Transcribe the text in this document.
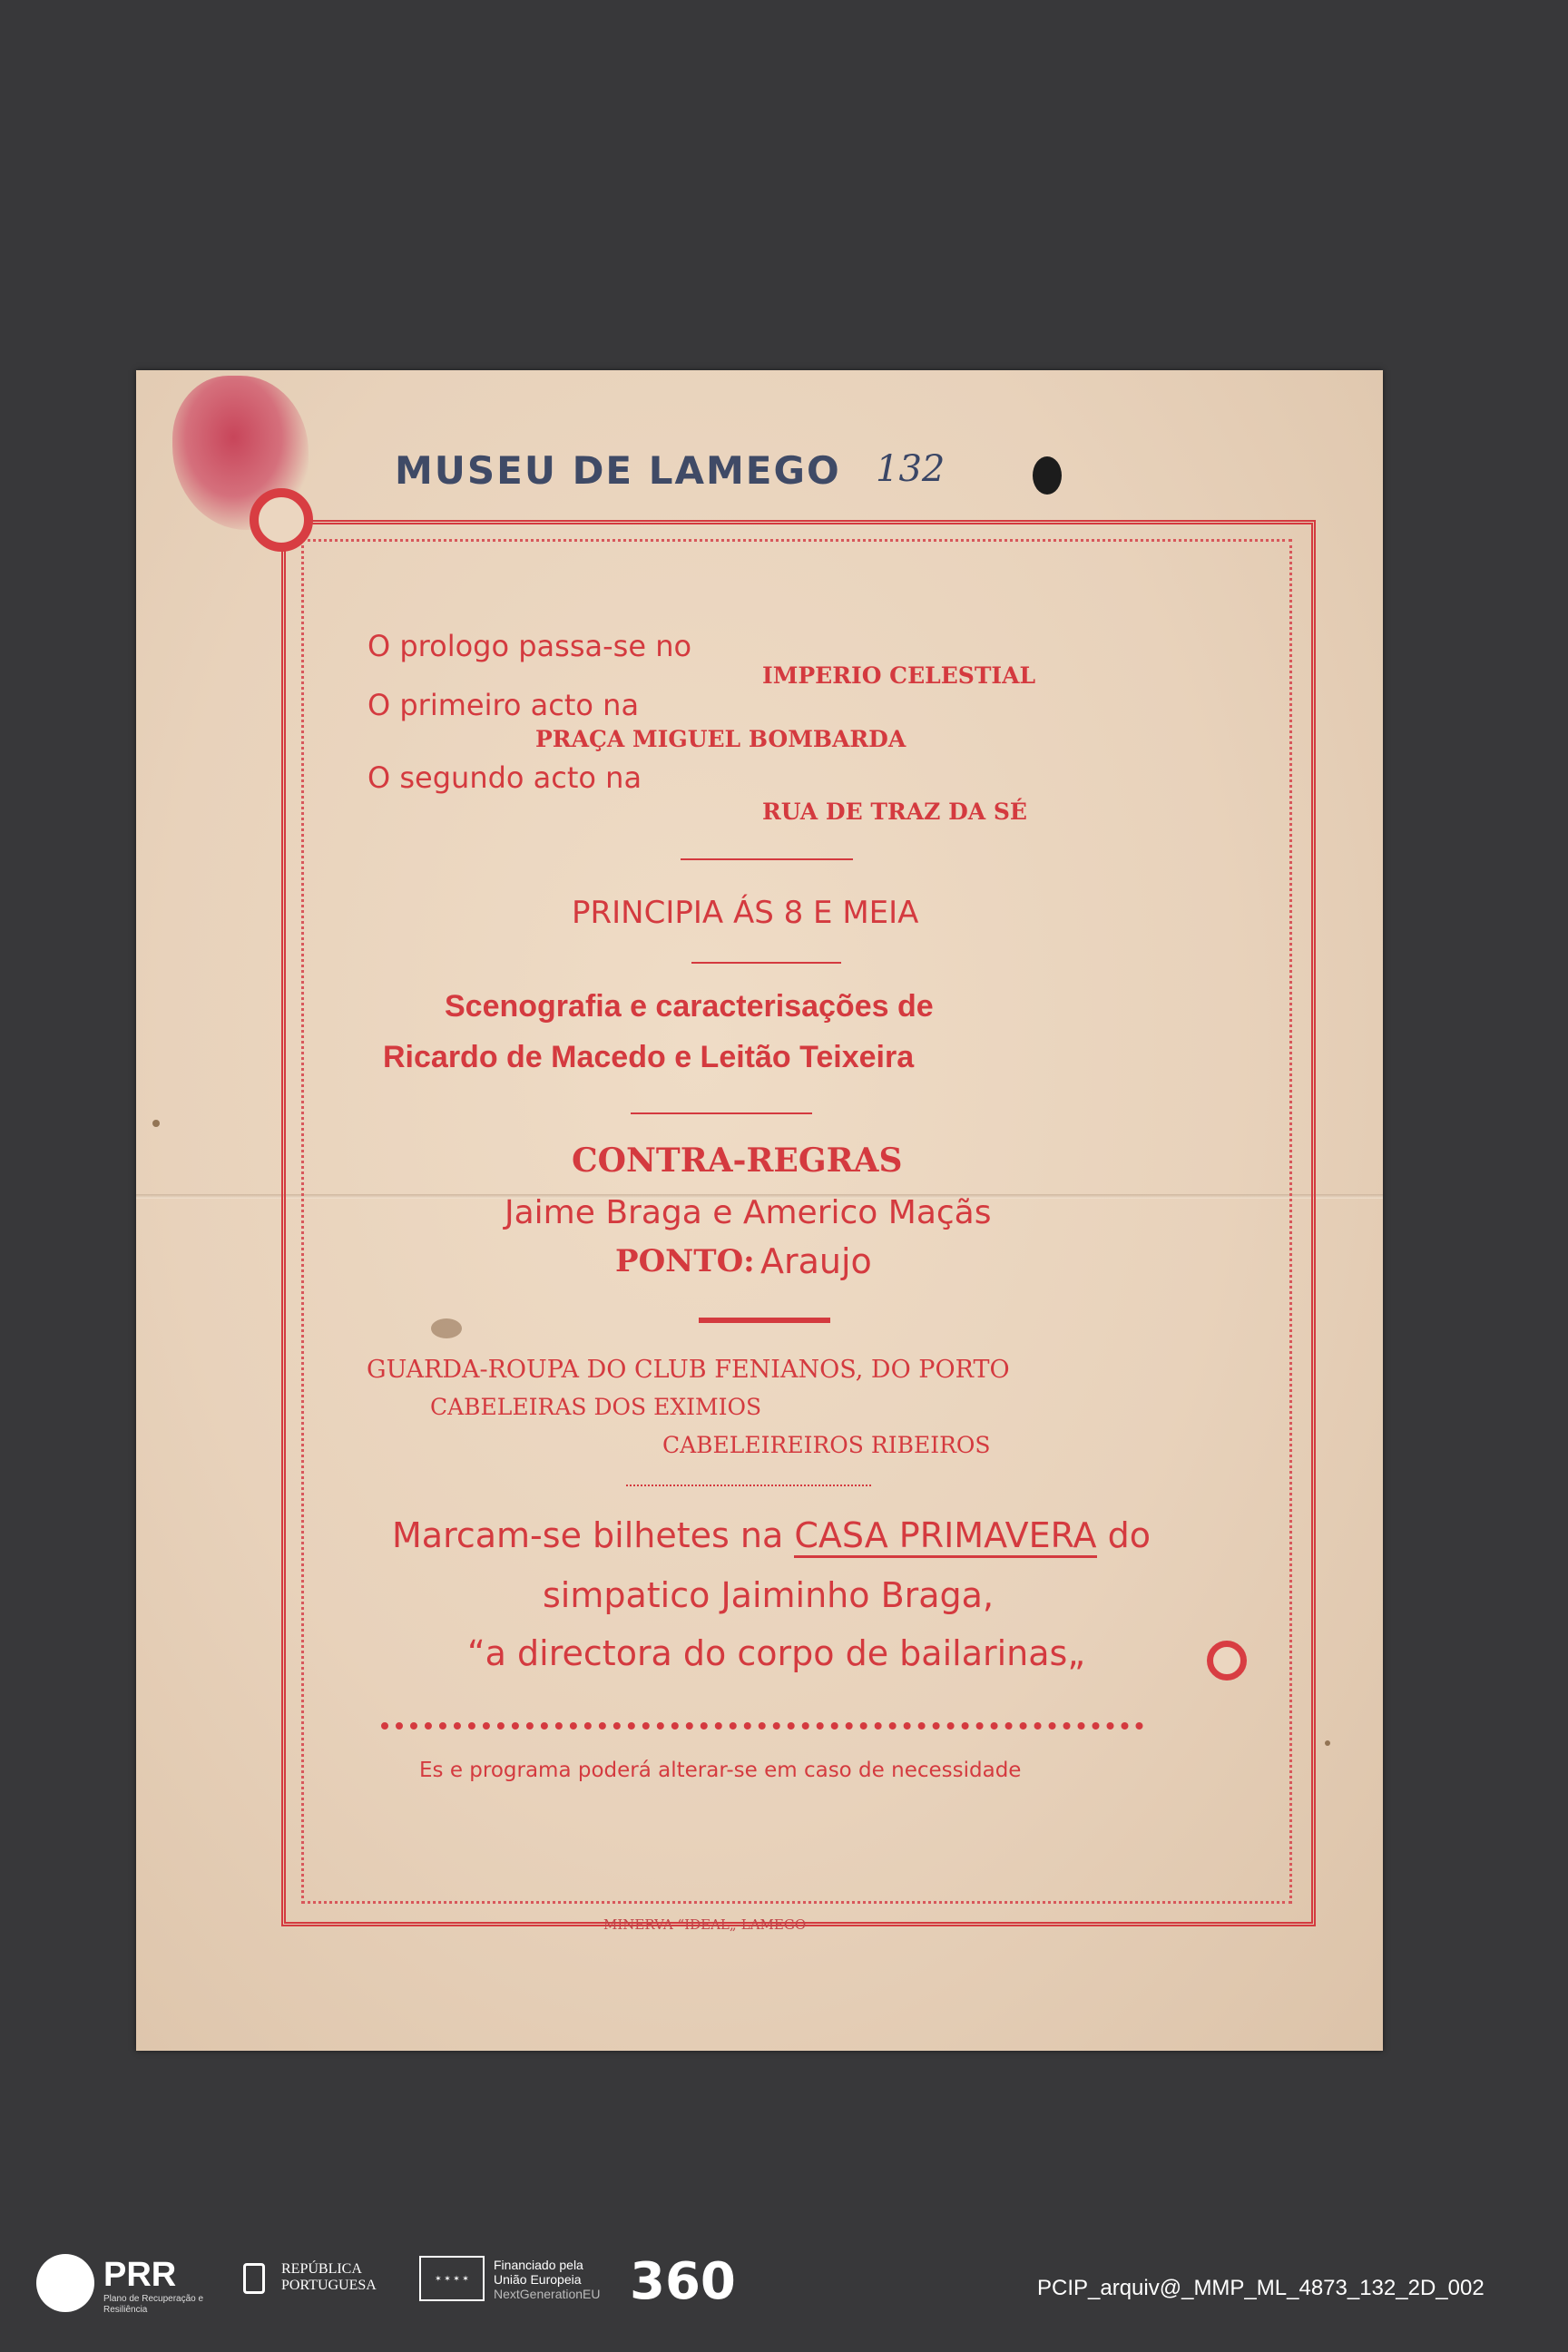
MUSEU DE LAMEGO 132
O prologo passa-se no
IMPERIO CELESTIAL
O primeiro acto na
PRAÇA MIGUEL BOMBARDA
O segundo acto na
RUA DE TRAZ DA SÉ
PRINCIPIA ÁS 8 E MEIA
Scenografia e caracterisações de
Ricardo de Macedo e Leitão Teixeira
CONTRA-REGRAS
Jaime Braga e Americo Maçãs
PONTO: Araujo
GUARDA-ROUPA DO CLUB FENIANOS, DO PORTO
CABELEIRAS DOS EXIMIOS
CABELEIREIROS RIBEIROS
Marcam-se bilhetes na CASA PRIMAVERA do
simpatico Jaiminho Braga,
“a directora do corpo de bailarinas„
Es e programa poderá alterar-se em caso de necessidade
MINERVA “IDEAL„-LAMEGO
PRR
Plano de Recuperação e Resiliência
REPÚBLICA
PORTUGUESA	✶ ✶ ✶ ✶
Financiado pela
União Europeia
NextGenerationEU 360	PCIP_arquiv@_MMP_ML_4873_132_2D_002
